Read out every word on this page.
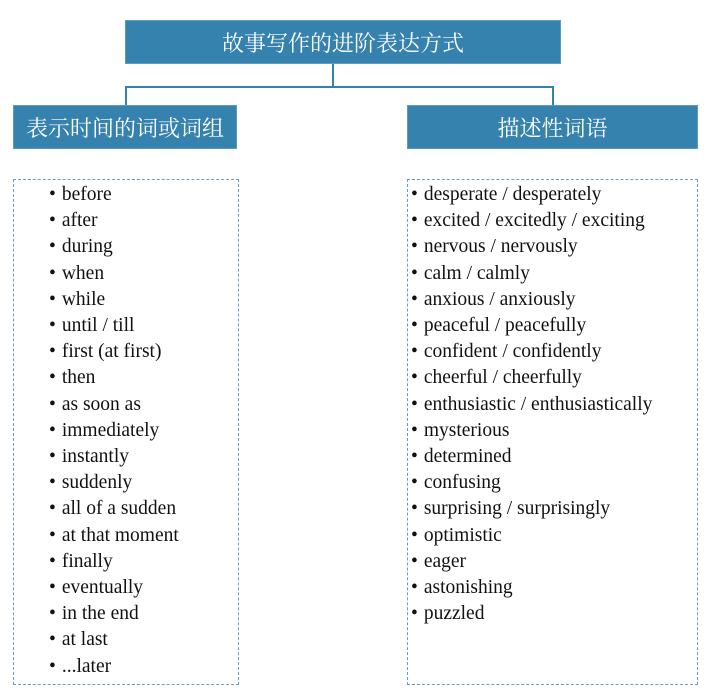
故事写作的进阶表达方式
表示时间的词或词组	描述性词语
• before
• after
• during
• when
• while
• until / till
• first (at first)
• then
• as soon as
• immediately
• instantly
• suddenly
• all of a sudden
• at that moment
• finally
• eventually
• in the end
• at last
• ...later
• desperate / desperately
• excited / excitedly / exciting
• nervous / nervously
• calm / calmly
• anxious / anxiously
• peaceful / peacefully
• confident / confidently
• cheerful / cheerfully
• enthusiastic / enthusiastically
• mysterious
• determined
• confusing
• surprising / surprisingly
• optimistic
• eager
• astonishing
• puzzled
